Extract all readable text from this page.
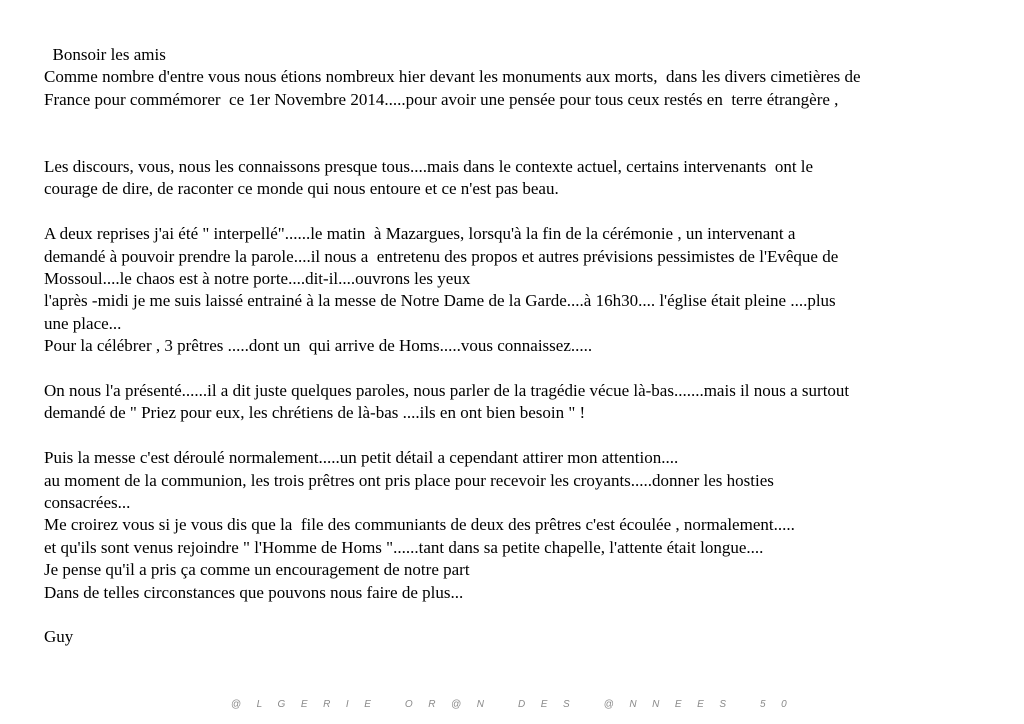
Bonsoir les amis

Comme nombre d'entre vous nous étions nombreux hier devant les monuments aux morts,  dans les divers cimetières de

France pour commémorer  ce 1er Novembre 2014.....pour avoir une pensée pour tous ceux restés en  terre étrangère ,

Les discours, vous, nous les connaissons presque tous....mais dans le contexte actuel, certains intervenants  ont le

courage de dire, de raconter ce monde qui nous entoure et ce n'est pas beau.

A deux reprises j'ai été " interpellé"......le matin  à Mazargues, lorsqu'à la fin de la cérémonie , un intervenant a

demandé à pouvoir prendre la parole....il nous a  entretenu des propos et autres prévisions pessimistes de l'Evêque de

Mossoul....le chaos est à notre porte....dit-il....ouvrons les yeux

l'après -midi je me suis laissé entrainé à la messe de Notre Dame de la Garde....à 16h30.... l'église était pleine ....plus

une place...

Pour la célébrer , 3 prêtres .....dont un  qui arrive de Homs.....vous connaissez.....

On nous l'a présenté......il a dit juste quelques paroles, nous parler de la tragédie vécue là-bas.......mais il nous a surtout

demandé de " Priez pour eux, les chrétiens de là-bas ....ils en ont bien besoin " !

Puis la messe c'est déroulé normalement.....un petit détail a cependant attirer mon attention....

au moment de la communion, les trois prêtres ont pris place pour recevoir les croyants.....donner les hosties

consacrées...

Me croirez vous si je vous dis que la  file des communiants de deux des prêtres c'est écoulée , normalement.....

et qu'ils sont venus rejoindre " l'Homme de Homs "......tant dans sa petite chapelle, l'attente était longue....

Je pense qu'il a pris ça comme un encouragement de notre part

Dans de telles circonstances que pouvons nous faire de plus...

Guy

@ L G E R I E   O R @ N   D E S   @ N N E E S   5 0
